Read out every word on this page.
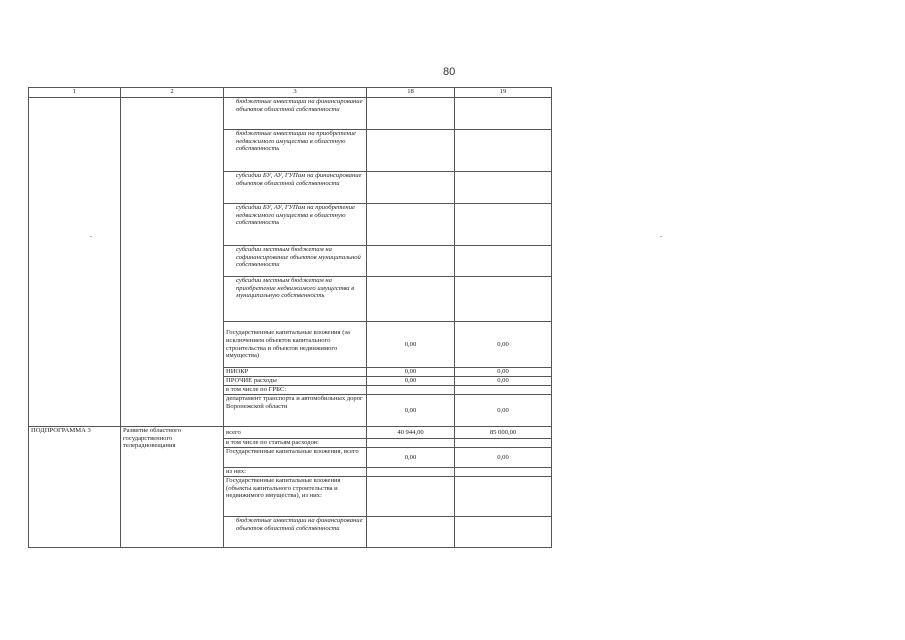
80
1	2	3	18	19
		бюджетные инвестиции на финансирование объектов областной собственности		
		бюджетные инвестиции на приобретение недвижимого имущества в областную собственность		
		субсидии БУ, АУ, ГУПам на финансирование объектов областной собственности		
		субсидии БУ, АУ, ГУПам на приобретение недвижимого имущества в областную собственность		
		субсидии местным бюджетам на софинансирование объектов муниципальной собственности		
		субсидии местным бюджетам на приобретение недвижимого имущества в муниципальную собственность		
		Государственные капитальные вложения (за исключением объектов капитального строительства и объектов недвижимого имущества)	0,00	0,00
		НИОКР	0,00	0,00
		ПРОЧИЕ расходы	0,00	0,00
		в том числе по ГРБС:		
		департамент транспорта и автомобильных дорог Воронежской области	0,00	0,00
ПОДПРОГРАММА 3	Развитие областного государственного телерадиовещания	всего	40 944,00	85 000,00
		в том числе по статьям расходов:		
		Государственные капитальные вложения, всего	0,00	0,00
		из них:		
		Государственные капитальные вложения (объекты капитального строительства и недвижимого имущества), из них:		
		бюджетные инвестиции на финансирование объектов областной собственности		
